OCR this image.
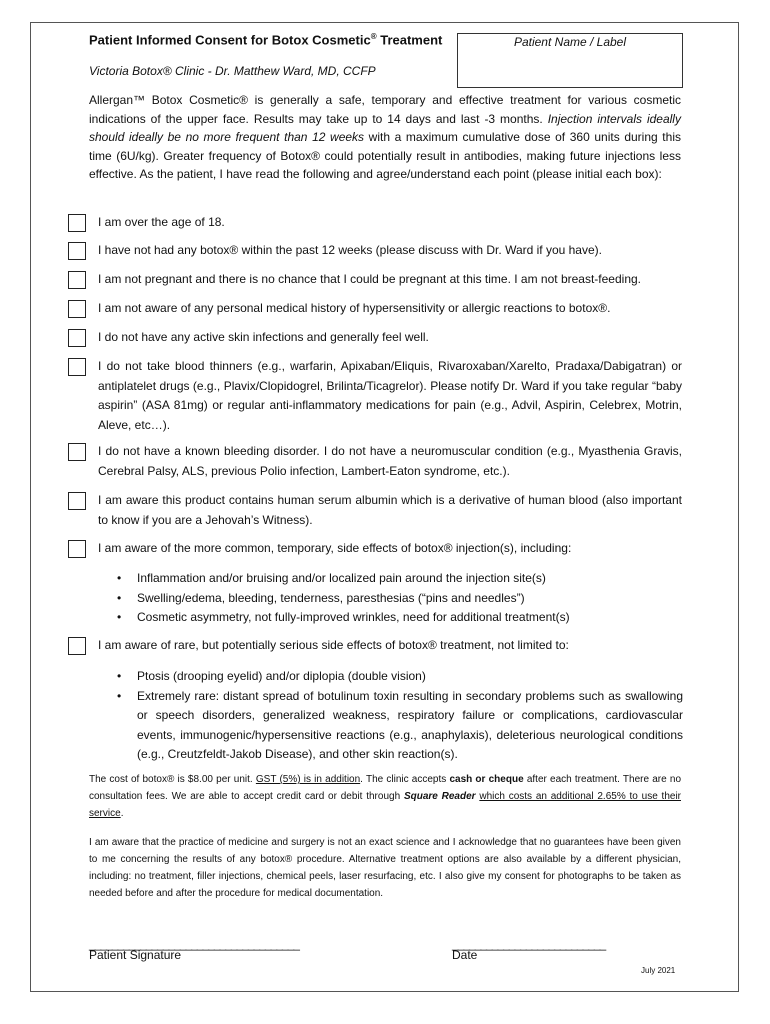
Patient Informed Consent for Botox Cosmetic® Treatment
Victoria Botox® Clinic - Dr. Matthew Ward, MD, CCFP
Patient Name / Label
Allergan™ Botox Cosmetic® is generally a safe, temporary and effective treatment for various cosmetic indications of the upper face. Results may take up to 14 days and last -3 months. Injection intervals ideally should ideally be no more frequent than 12 weeks with a maximum cumulative dose of 360 units during this time (6U/kg). Greater frequency of Botox® could potentially result in antibodies, making future injections less effective. As the patient, I have read the following and agree/understand each point (please initial each box):
I am over the age of 18.
I have not had any botox® within the past 12 weeks (please discuss with Dr. Ward if you have).
I am not pregnant and there is no chance that I could be pregnant at this time. I am not breast-feeding.
I am not aware of any personal medical history of hypersensitivity or allergic reactions to botox®.
I do not have any active skin infections and generally feel well.
I do not take blood thinners (e.g., warfarin, Apixaban/Eliquis, Rivaroxaban/Xarelto, Pradaxa/Dabigatran) or antiplatelet drugs (e.g., Plavix/Clopidogrel, Brilinta/Ticagrelor). Please notify Dr. Ward if you take regular “baby aspirin” (ASA 81mg) or regular anti-inflammatory medications for pain (e.g., Advil, Aspirin, Celebrex, Motrin, Aleve, etc…).
I do not have a known bleeding disorder. I do not have a neuromuscular condition (e.g., Myasthenia Gravis, Cerebral Palsy, ALS, previous Polio infection, Lambert-Eaton syndrome, etc.).
I am aware this product contains human serum albumin which is a derivative of human blood (also important to know if you are a Jehovah’s Witness).
I am aware of the more common, temporary, side effects of botox® injection(s), including:
• Inflammation and/or bruising and/or localized pain around the injection site(s)
• Swelling/edema, bleeding, tenderness, paresthesias (“pins and needles”)
• Cosmetic asymmetry, not fully-improved wrinkles, need for additional treatment(s)
I am aware of rare, but potentially serious side effects of botox® treatment, not limited to:
• Ptosis (drooping eyelid) and/or diplopia (double vision)
• Extremely rare: distant spread of botulinum toxin resulting in secondary problems such as swallowing or speech disorders, generalized weakness, respiratory failure or complications, cardiovascular events, immunogenic/hypersensitive reactions (e.g., anaphylaxis), deleterious neurological conditions (e.g., Creutzfeldt-Jakob Disease), and other skin reaction(s).
The cost of botox® is $8.00 per unit. GST (5%) is in addition. The clinic accepts cash or cheque after each treatment. There are no consultation fees. We are able to accept credit card or debit through Square Reader which costs an additional 2.65% to use their service.
I am aware that the practice of medicine and surgery is not an exact science and I acknowledge that no guarantees have been given to me concerning the results of any botox® procedure. Alternative treatment options are also available by a different physician, including: no treatment, filler injections, chemical peels, laser resurfacing, etc. I also give my consent for photographs to be taken as needed before and after the procedure for medical documentation.
_____________________________________
Patient Signature
___________________________
Date
July 2021
